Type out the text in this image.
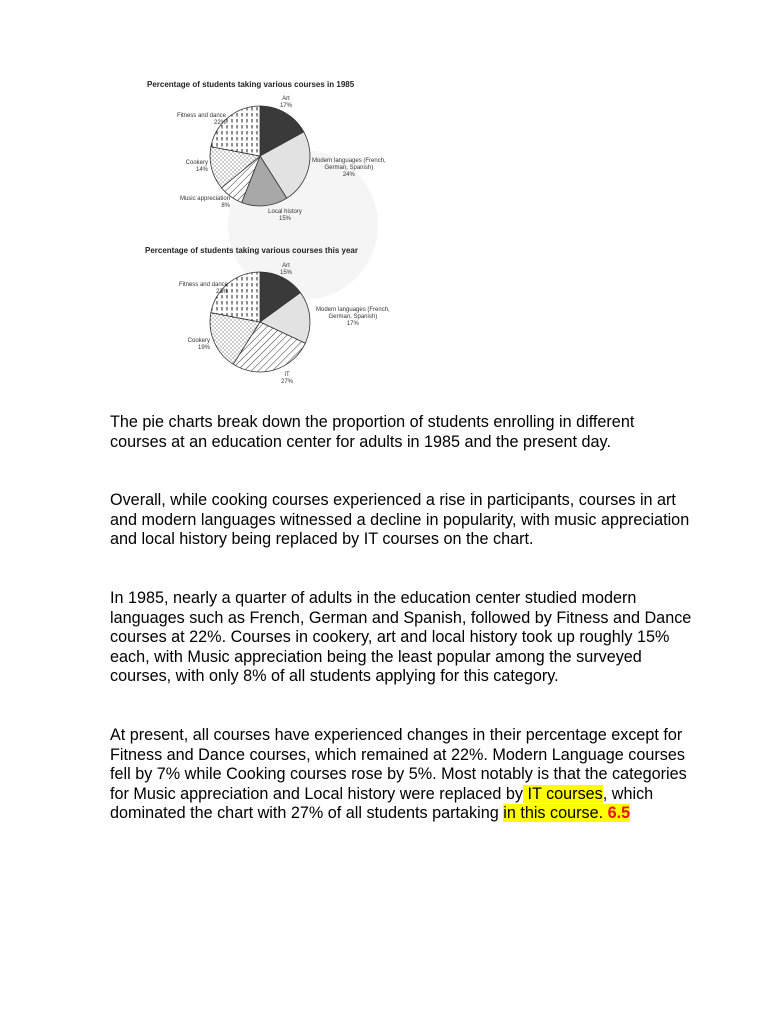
Percentage of students taking various courses in 1985
Percentage of students taking various courses this year
Art
17%
Modern languages (French,
German, Spanish)
24%
Local history
15%
Music appreciation
8%
Cookery
14%
Fitness and dance
22%
Art
15%
Modern languages (French,
German, Spanish)
17%
IT
27%
Cookery
19%
Fitness and dance
22%
The pie charts break down the proportion of students enrolling in different courses at an education center for adults in 1985 and the present day.
Overall, while cooking courses experienced a rise in participants, courses in art and modern languages witnessed a decline in popularity, with music appreciation and local history being replaced by IT courses on the chart.
In 1985, nearly a quarter of adults in the education center studied modern languages such as French, German and Spanish, followed by Fitness and Dance courses at 22%. Courses in cookery, art and local history took up roughly 15% each, with Music appreciation being the least popular among the surveyed courses, with only 8% of all students applying for this category.
At present, all courses have experienced changes in their percentage except for Fitness and Dance courses, which remained at 22%. Modern Language courses fell by 7% while Cooking courses rose by 5%. Most notably is that the categories for Music appreciation and Local history were replaced by IT courses, which dominated the chart with 27% of all students partaking in this course. 6.5
